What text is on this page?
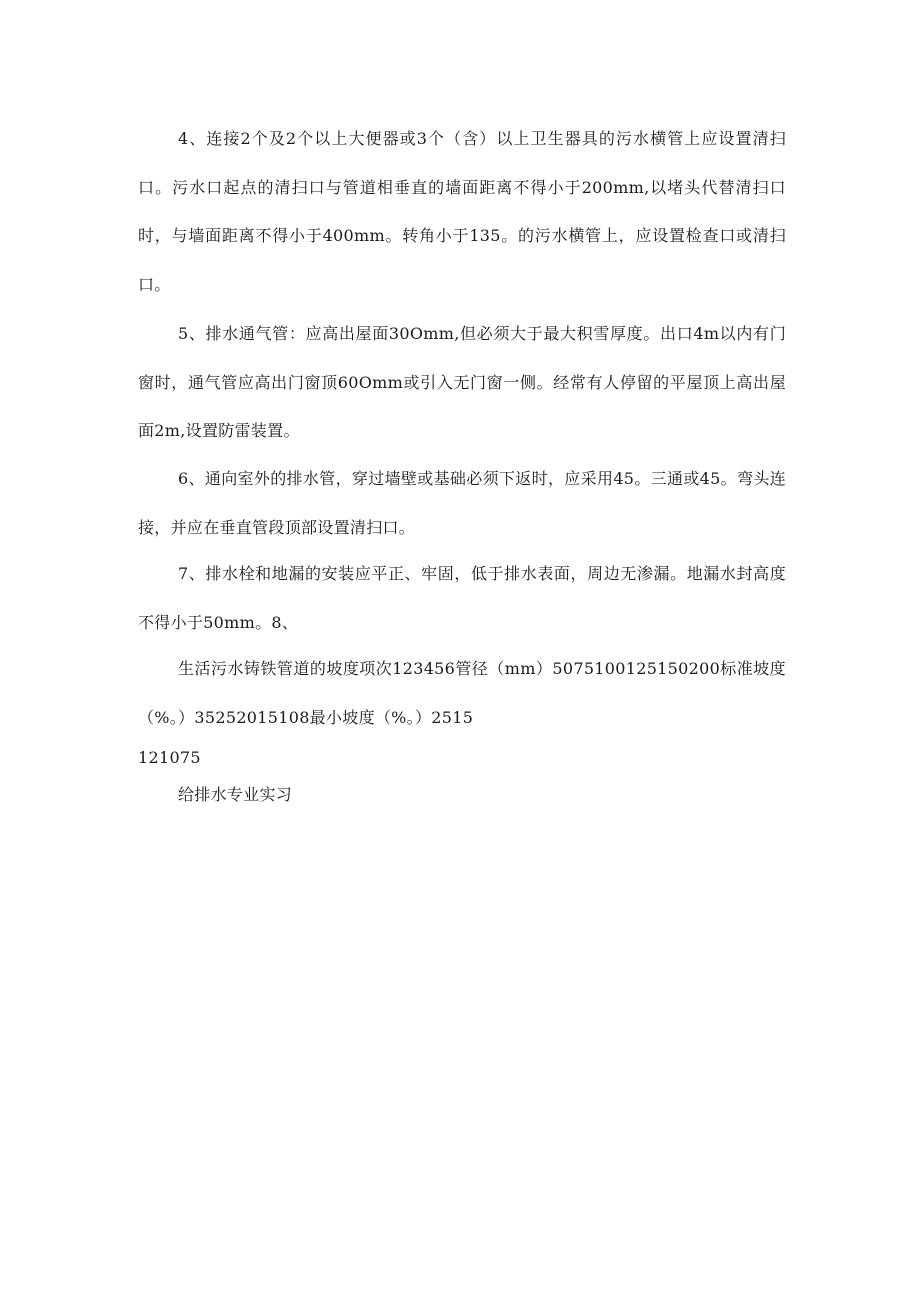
4、连接2个及2个以上大便器或3个（含）以上卫生器具的污水横管上应设置清扫口。污水口起点的清扫口与管道相垂直的墙面距离不得小于200mm,以堵头代替清扫口时，与墙面距离不得小于400mm。转角小于135。的污水横管上，应设置检查口或清扫口。

5、排水通气管：应高出屋面30Omm,但必须大于最大积雪厚度。出口4m以内有门窗时，通气管应高出门窗顶60Omm或引入无门窗一侧。经常有人停留的平屋顶上高出屋面2m,设置防雷装置。

6、通向室外的排水管，穿过墙壁或基础必须下返时，应采用45。三通或45。弯头连接，并应在垂直管段顶部设置清扫口。

7、排水栓和地漏的安装应平正、牢固，低于排水表面，周边无渗漏。地漏水封高度不得小于50mm。8、

生活污水铸铁管道的坡度项次123456管径（mm）5075100125150200标准坡度（%。）35252015108最小坡度（%。）2515

121075

给排水专业实习
